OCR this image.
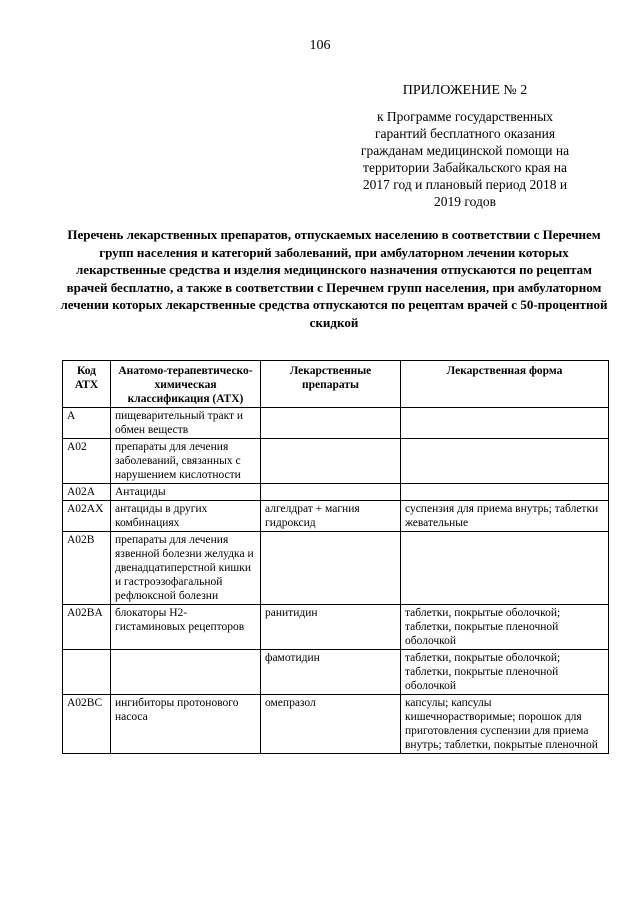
106
ПРИЛОЖЕНИЕ № 2
к Программе государственных гарантий бесплатного оказания гражданам медицинской помощи на территории Забайкальского края на 2017 год и плановый период 2018 и 2019 годов
Перечень лекарственных препаратов, отпускаемых населению в соответствии с Перечнем групп населения и категорий заболеваний, при амбулаторном лечении которых лекарственные средства и изделия медицинского назначения отпускаются по рецептам врачей бесплатно, а также в соответствии с Перечнем групп населения, при амбулаторном лечении которых лекарственные средства отпускаются по рецептам врачей с 50-процентной скидкой
Код АТХ	Анатомо-терапевтическо-химическая классификация (АТХ)	Лекарственные препараты	Лекарственная форма
A	пищеварительный тракт и обмен веществ		
A02	препараты для лечения заболеваний, связанных с нарушением кислотности		
A02A	Антациды		
A02AX	антациды в других комбинациях	алгелдрат + магния гидроксид	суспензия для приема внутрь; таблетки жевательные
A02B	препараты для лечения язвенной болезни желудка и двенадцатиперстной кишки и гастроэзофагальной рефлюксной болезни		
A02BA	блокаторы Н2-гистаминовых рецепторов	ранитидин	таблетки, покрытые оболочкой; таблетки, покрытые пленочной оболочкой
		фамотидин	таблетки, покрытые оболочкой; таблетки, покрытые пленочной оболочкой
A02BC	ингибиторы протонового насоса	омепразол	капсулы; капсулы кишечнорастворимые; порошок для приготовления суспензии для приема внутрь; таблетки, покрытые пленочной
